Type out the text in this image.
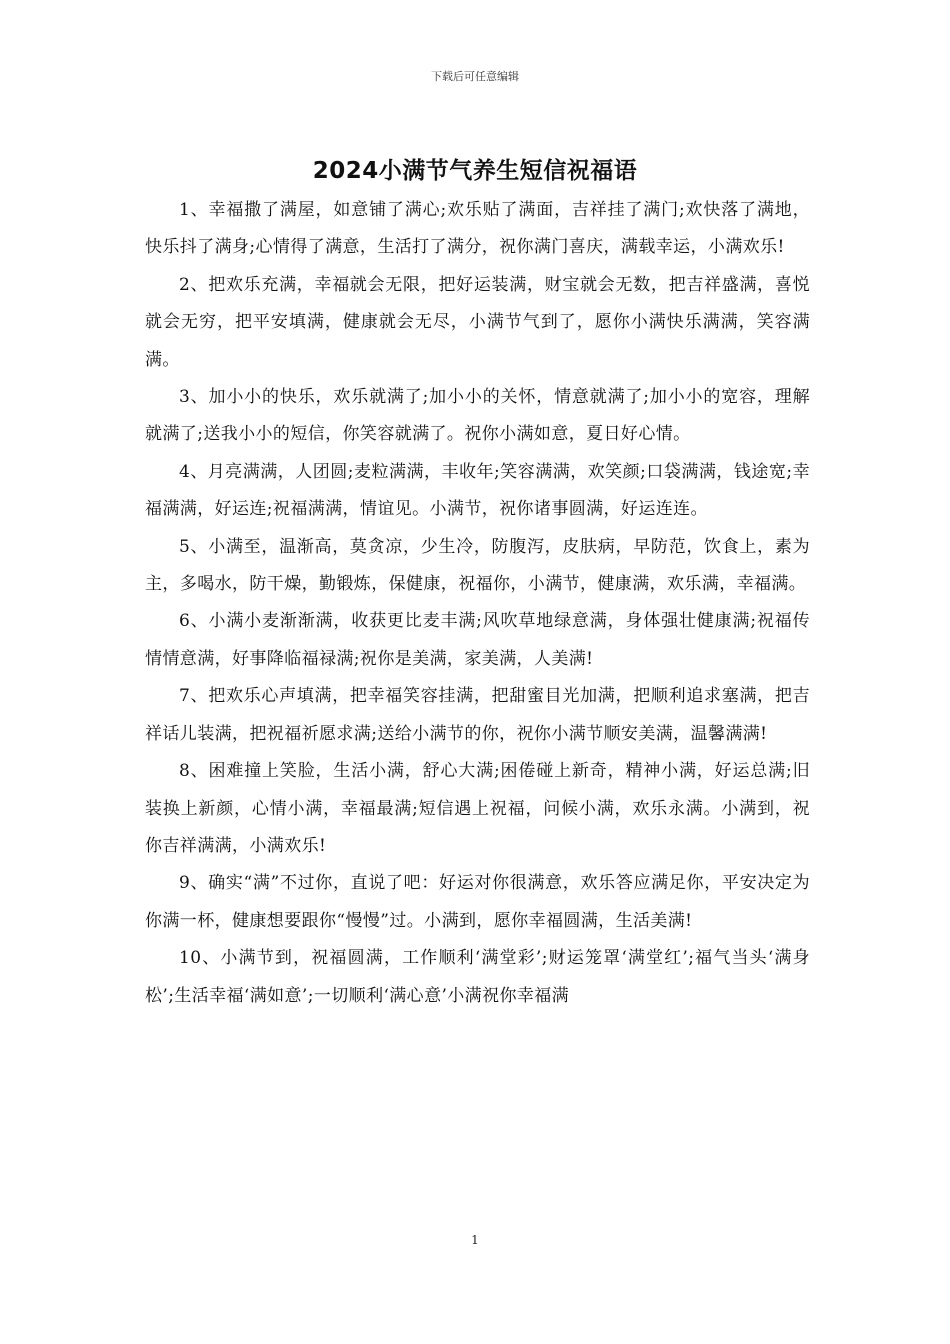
下载后可任意编辑
2024小满节气养生短信祝福语

1、幸福撒了满屋，如意铺了满心;欢乐贴了满面，吉祥挂了满门;欢快落了满地，快乐抖了满身;心情得了满意，生活打了满分，祝你满门喜庆，满载幸运，小满欢乐!

2、把欢乐充满，幸福就会无限，把好运装满，财宝就会无数，把吉祥盛满，喜悦就会无穷，把平安填满，健康就会无尽，小满节气到了，愿你小满快乐满满，笑容满满。

3、加小小的快乐，欢乐就满了;加小小的关怀，情意就满了;加小小的宽容，理解就满了;送我小小的短信，你笑容就满了。祝你小满如意，夏日好心情。

4、月亮满满，人团圆;麦粒满满，丰收年;笑容满满，欢笑颜;口袋满满，钱途宽;幸福满满，好运连;祝福满满，情谊见。小满节，祝你诸事圆满，好运连连。

5、小满至，温渐高，莫贪凉，少生冷，防腹泻，皮肤病，早防范，饮食上，素为主，多喝水，防干燥，勤锻炼，保健康，祝福你，小满节，健康满，欢乐满，幸福满。

6、小满小麦渐渐满，收获更比麦丰满;风吹草地绿意满，身体强壮健康满;祝福传情情意满，好事降临福禄满;祝你是美满，家美满，人美满!

7、把欢乐心声填满，把幸福笑容挂满，把甜蜜目光加满，把顺利追求塞满，把吉祥话儿装满，把祝福祈愿求满;送给小满节的你，祝你小满节顺安美满，温馨满满!

8、困难撞上笑脸，生活小满，舒心大满;困倦碰上新奇，精神小满，好运总满;旧装换上新颜，心情小满，幸福最满;短信遇上祝福，问候小满，欢乐永满。小满到，祝你吉祥满满，小满欢乐!

9、确实“满”不过你，直说了吧：好运对你很满意，欢乐答应满足你，平安决定为你满一杯，健康想要跟你“慢慢”过。小满到，愿你幸福圆满，生活美满!

10、小满节到，祝福圆满，工作顺利‘满堂彩’;财运笼罩‘满堂红’;福气当头‘满身松’;生活幸福‘满如意’;一切顺利‘满心意’小满祝你幸福满

1
